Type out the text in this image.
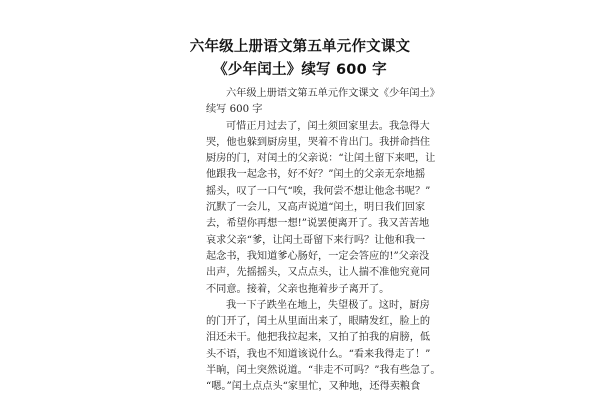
六年级上册语文第五单元作文课文
《少年闰土》续写 600 字
六年级上册语文第五单元作文课文《少年闰土》
续写 600 字
可惜正月过去了，闰土须回家里去。我急得大
哭，他也躲到厨房里，哭着不肯出门。我拼命挡住
厨房的门，对闰土的父亲说：“让闰土留下来吧，让
他跟我一起念书，好不好？”闰土的父亲无奈地摇
摇头，叹了一口气“唉，我何尝不想让他念书呢？”
沉默了一会儿，又高声说道“闰土，明日我们回家
去，希望你再想一想!”说罢便离开了。我又苦苦地
哀求父亲“爹，让闰土哥留下来行吗？让他和我一
起念书，我知道爹心肠好，一定会答应的!”父亲没
出声，先摇摇头，又点点头，让人揣不准他究竟同
不同意。接着，父亲也拖着步子离开了。
我一下子跌坐在地上，失望极了。这时，厨房
的门开了，闰土从里面出来了，眼睛发红，脸上的
泪还未干。他把我拉起来，又拍了拍我的肩膀，低
头不语，我也不知道该说什么。“看来我得走了！”
半晌，闰土突然说道。“非走不可吗？”我有些急了。
“嗯。”闰土点点头“家里忙，又种地，还得卖粮食
